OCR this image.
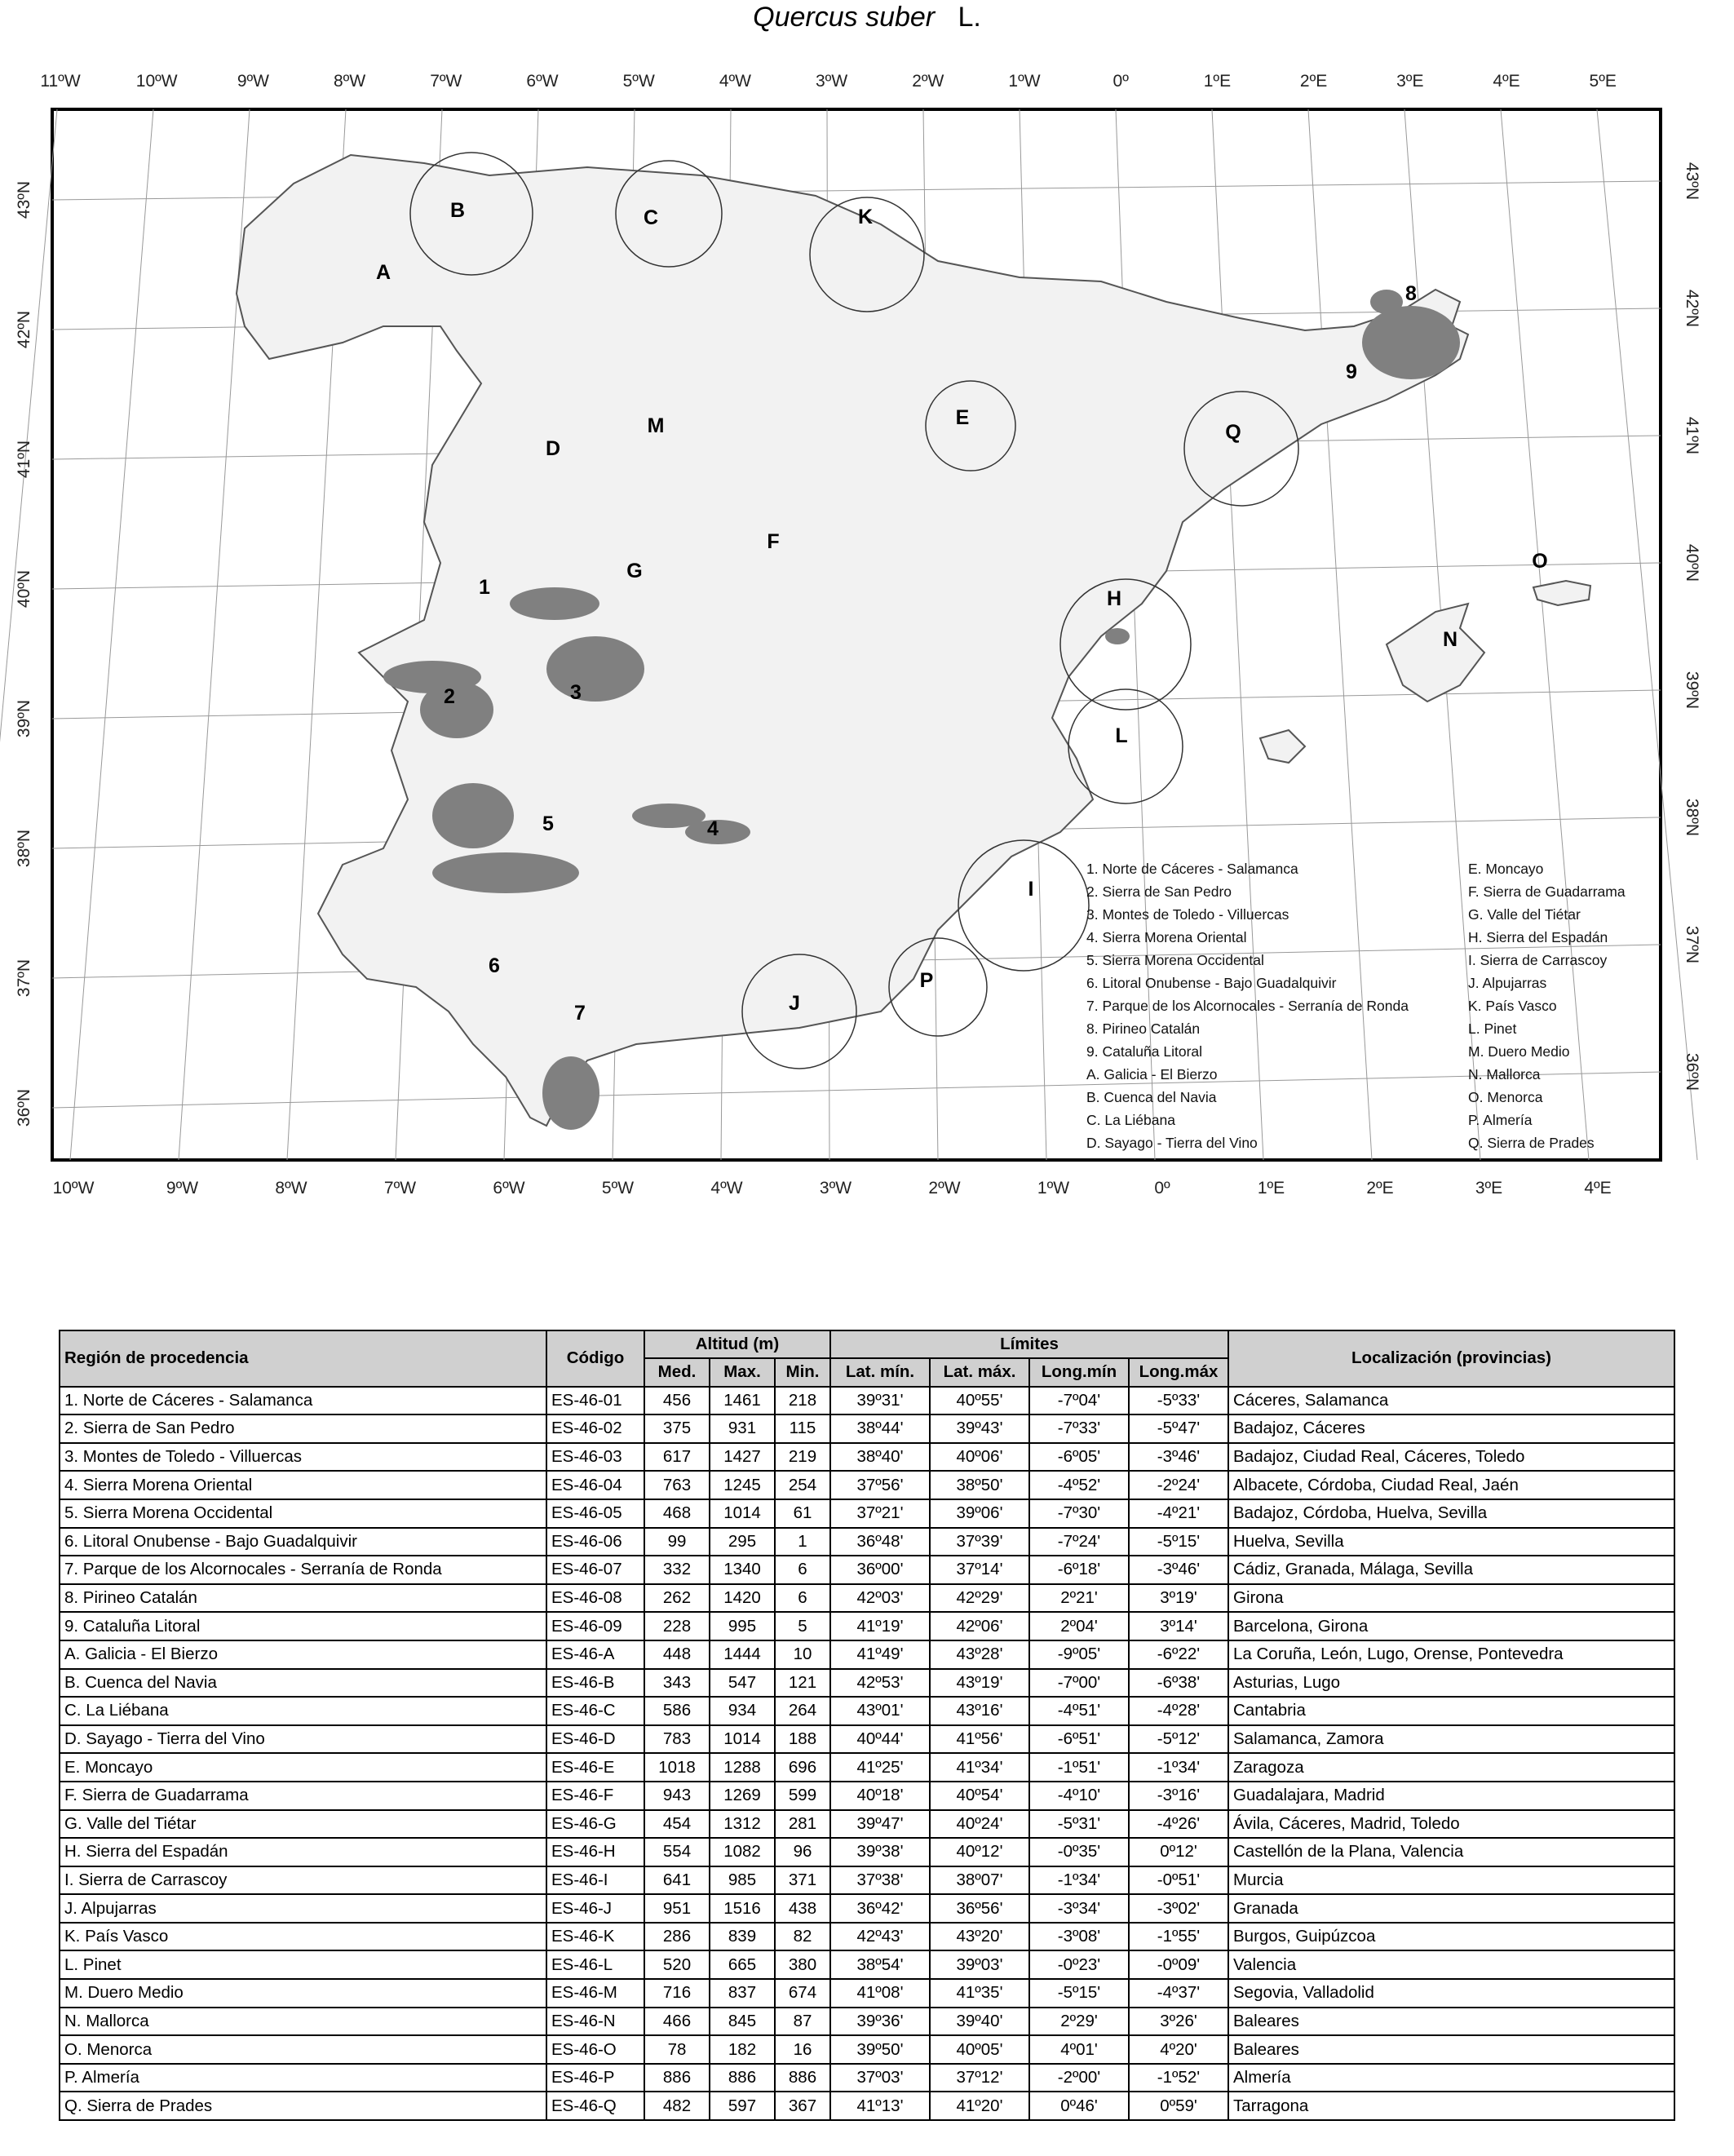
Quercus suber L.
11ºW	10ºW	9ºW	8ºW	7ºW	6ºW	5ºW	4ºW	3ºW	2ºW	1ºW	0º	1ºE	2ºE	3ºE	4ºE	5ºE
10ºW	9ºW	8ºW	7ºW	6ºW	5ºW	4ºW	3ºW	2ºW	1ºW	0º	1ºE	2ºE	3ºE	4ºE
43ºN
42ºN
41ºN
40ºN
39ºN
38ºN
37ºN
36ºN
43ºN
42ºN
41ºN
40ºN
39ºN
38ºN
37ºN
36ºN
A
B	C
D
E
F
G
H
I
J
K
L
M
N
O
P
Q
1
2	3
4
5
6
7
8
9
1. Norte de Cáceres - Salamanca
2. Sierra de San Pedro
3. Montes de Toledo - Villuercas
4. Sierra Morena Oriental
5. Sierra Morena Occidental
6. Litoral Onubense - Bajo Guadalquivir
7. Parque de los Alcornocales - Serranía de Ronda
8. Pirineo Catalán
9. Cataluña Litoral
A. Galicia - El Bierzo
B. Cuenca del Navia
C. La Liébana
D. Sayago - Tierra del Vino
E. Moncayo
F. Sierra de Guadarrama
G. Valle del Tiétar
H. Sierra del Espadán
I. Sierra de Carrascoy
J. Alpujarras
K. País Vasco
L. Pinet
M. Duero Medio
N. Mallorca
O. Menorca
P. Almería
Q. Sierra de Prades
Región de procedencia	Código	Altitud (m)			Límites				Localización (provincias)
		Med.	Max.	Min.	Lat. mín.	Lat. máx.	Long.mín	Long.máx	
1. Norte de Cáceres - Salamanca	ES-46-01	456	1461	218	39º31'	40º55'	-7º04'	-5º33'	Cáceres, Salamanca
2. Sierra de San Pedro	ES-46-02	375	931	115	38º44'	39º43'	-7º33'	-5º47'	Badajoz, Cáceres
3. Montes de Toledo - Villuercas	ES-46-03	617	1427	219	38º40'	40º06'	-6º05'	-3º46'	Badajoz, Ciudad Real, Cáceres, Toledo
4. Sierra Morena Oriental	ES-46-04	763	1245	254	37º56'	38º50'	-4º52'	-2º24'	Albacete, Córdoba, Ciudad Real, Jaén
5. Sierra Morena Occidental	ES-46-05	468	1014	61	37º21'	39º06'	-7º30'	-4º21'	Badajoz, Córdoba, Huelva, Sevilla
6. Litoral Onubense - Bajo Guadalquivir	ES-46-06	99	295	1	36º48'	37º39'	-7º24'	-5º15'	Huelva, Sevilla
7. Parque de los Alcornocales - Serranía de Ronda	ES-46-07	332	1340	6	36º00'	37º14'	-6º18'	-3º46'	Cádiz, Granada, Málaga, Sevilla
8. Pirineo Catalán	ES-46-08	262	1420	6	42º03'	42º29'	2º21'	3º19'	Girona
9. Cataluña Litoral	ES-46-09	228	995	5	41º19'	42º06'	2º04'	3º14'	Barcelona, Girona
A. Galicia - El Bierzo	ES-46-A	448	1444	10	41º49'	43º28'	-9º05'	-6º22'	La Coruña, León, Lugo, Orense, Pontevedra
B. Cuenca del Navia	ES-46-B	343	547	121	42º53'	43º19'	-7º00'	-6º38'	Asturias, Lugo
C. La Liébana	ES-46-C	586	934	264	43º01'	43º16'	-4º51'	-4º28'	Cantabria
D. Sayago - Tierra del Vino	ES-46-D	783	1014	188	40º44'	41º56'	-6º51'	-5º12'	Salamanca, Zamora
E. Moncayo	ES-46-E	1018	1288	696	41º25'	41º34'	-1º51'	-1º34'	Zaragoza
F. Sierra de Guadarrama	ES-46-F	943	1269	599	40º18'	40º54'	-4º10'	-3º16'	Guadalajara, Madrid
G. Valle del Tiétar	ES-46-G	454	1312	281	39º47'	40º24'	-5º31'	-4º26'	Ávila, Cáceres, Madrid, Toledo
H. Sierra del Espadán	ES-46-H	554	1082	96	39º38'	40º12'	-0º35'	0º12'	Castellón de la Plana, Valencia
I. Sierra de Carrascoy	ES-46-I	641	985	371	37º38'	38º07'	-1º34'	-0º51'	Murcia
J. Alpujarras	ES-46-J	951	1516	438	36º42'	36º56'	-3º34'	-3º02'	Granada
K. País Vasco	ES-46-K	286	839	82	42º43'	43º20'	-3º08'	-1º55'	Burgos, Guipúzcoa
L. Pinet	ES-46-L	520	665	380	38º54'	39º03'	-0º23'	-0º09'	Valencia
M. Duero Medio	ES-46-M	716	837	674	41º08'	41º35'	-5º15'	-4º37'	Segovia, Valladolid
N. Mallorca	ES-46-N	466	845	87	39º36'	39º40'	2º29'	3º26'	Baleares
O. Menorca	ES-46-O	78	182	16	39º50'	40º05'	4º01'	4º20'	Baleares
P. Almería	ES-46-P	886	886	886	37º03'	37º12'	-2º00'	-1º52'	Almería
Q. Sierra de Prades	ES-46-Q	482	597	367	41º13'	41º20'	0º46'	0º59'	Tarragona
